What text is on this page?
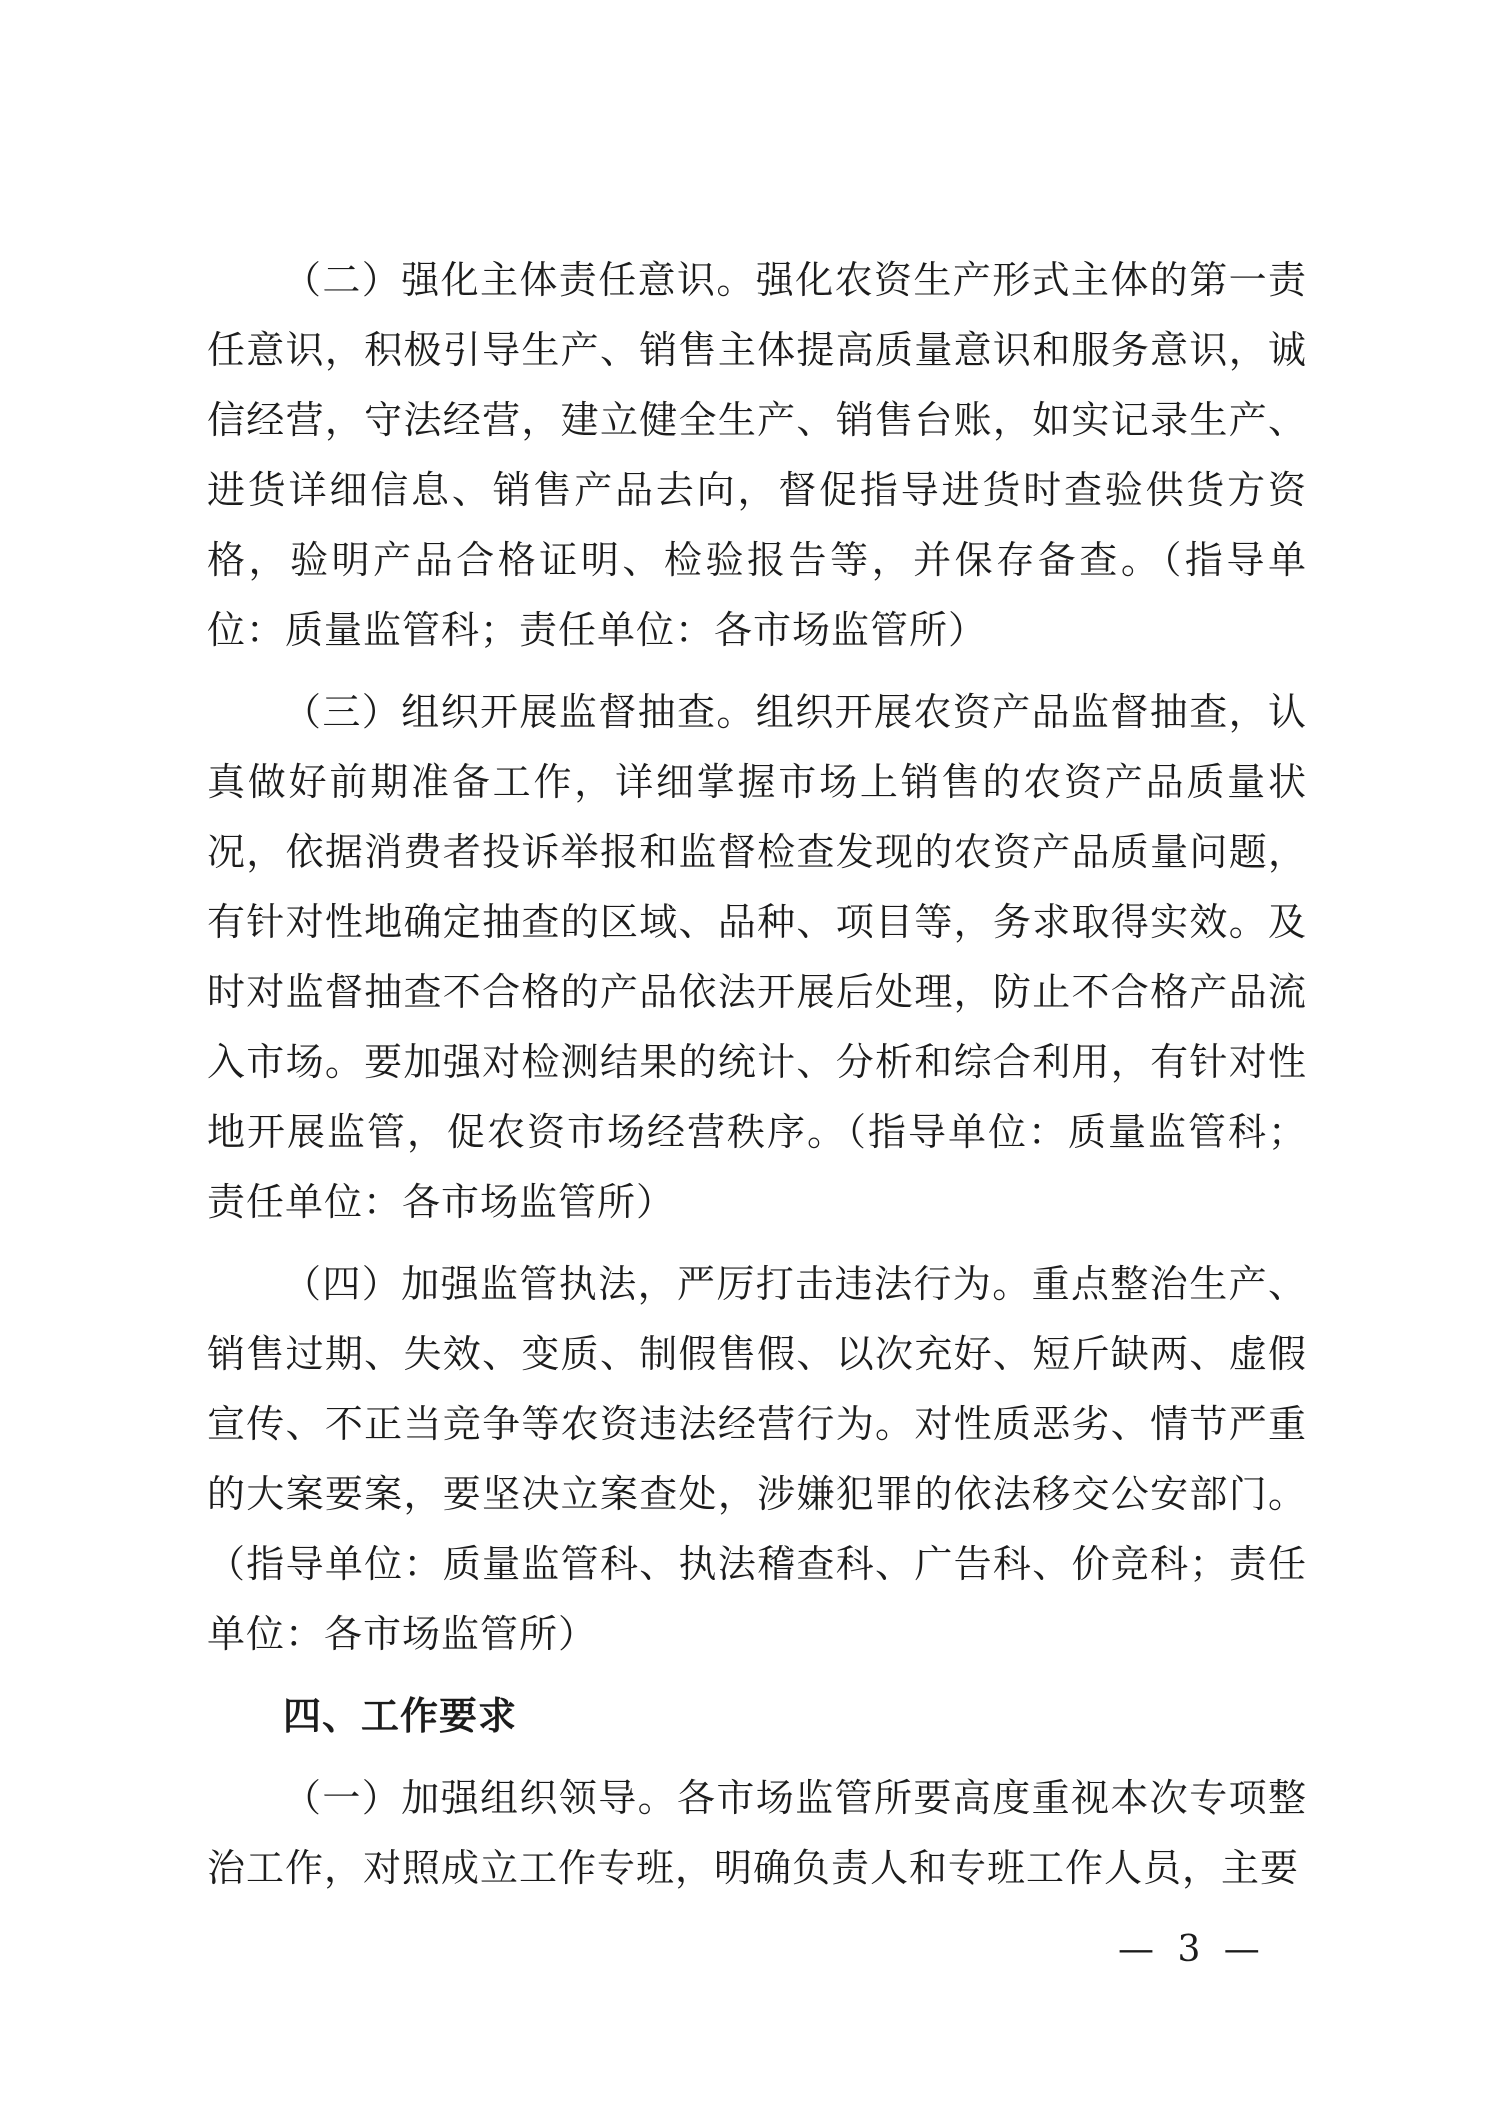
（二）强化主体责任意识。强化农资生产形式主体的第一责任意识，积极引导生产、销售主体提高质量意识和服务意识，诚信经营，守法经营，建立健全生产、销售台账，如实记录生产、进货详细信息、销售产品去向，督促指导进货时查验供货方资格，验明产品合格证明、检验报告等，并保存备查。（指导单位：质量监管科；责任单位：各市场监管所）

（三）组织开展监督抽查。组织开展农资产品监督抽查，认真做好前期准备工作，详细掌握市场上销售的农资产品质量状况，依据消费者投诉举报和监督检查发现的农资产品质量问题，有针对性地确定抽查的区域、品种、项目等，务求取得实效。及时对监督抽查不合格的产品依法开展后处理，防止不合格产品流入市场。要加强对检测结果的统计、分析和综合利用，有针对性地开展监管，促农资市场经营秩序。（指导单位：质量监管科；责任单位：各市场监管所）

（四）加强监管执法，严厉打击违法行为。重点整治生产、销售过期、失效、变质、制假售假、以次充好、短斤缺两、虚假宣传、不正当竞争等农资违法经营行为。对性质恶劣、情节严重的大案要案，要坚决立案查处，涉嫌犯罪的依法移交公安部门。（指导单位：质量监管科、执法稽查科、广告科、价竞科；责任单位：各市场监管所）

四、工作要求

（一）加强组织领导。各市场监管所要高度重视本次专项整治工作，对照成立工作专班，明确负责人和专班工作人员，主要

— 3 —
